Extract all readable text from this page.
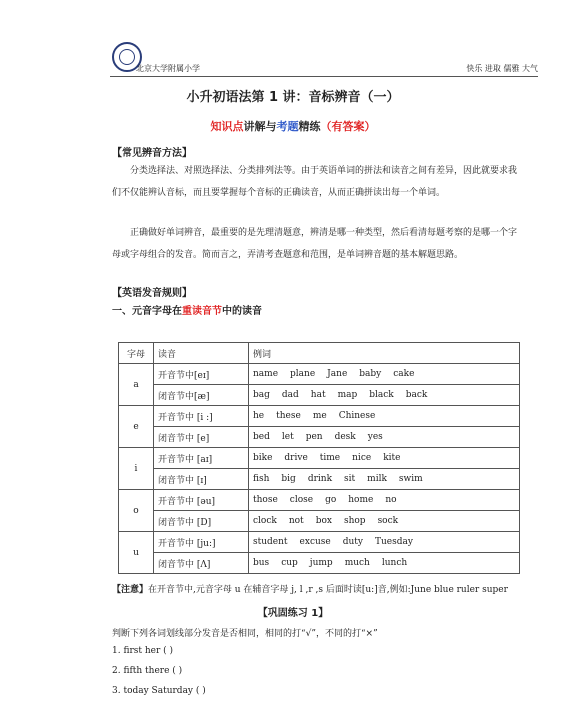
北京大学附属小学	快乐 进取 儒雅 大气
小升初语法第 1 讲：音标辨音（一）
知识点讲解与考题精练（有答案）
【常见辨音方法】
分类选择法、对照选择法、分类排列法等。由于英语单词的拼法和读音之间有差异，因此就要求我们不仅能辨认音标，而且要掌握每个音标的正确读音，从而正确拼读出每一个单词。
正确做好单词辨音，最重要的是先理清题意，辨清是哪一种类型，然后看清每题考察的是哪一个字母或字母组合的发音。简而言之，弄清考查题意和范围，是单词辨音题的基本解题思路。
【英语发音规则】
一、元音字母在重读音节中的读音
字母	读音	例词
a	开音节中[eɪ]	name plane Jane baby cake
	闭音节中[æ]	bag dad hat map black back
e	开音节中 [i :]	he these me Chinese
	闭音节中 [e]	bed let pen desk yes
i	开音节中 [aɪ]	bike drive time nice kite
	闭音节中 [ɪ]	fish big drink sit milk swim
o	开音节中 [əu]	those close go home no
	闭音节中 [D]	clock not box shop sock
u	开音节中 [ju:]	student excuse duty Tuesday
	闭音节中 [Λ]	bus cup jump much lunch
【注意】在开音节中,元音字母 u 在辅音字母 j, l ,r ,s 后面时读[u:]音,例如:June blue ruler super
【巩固练习 1】
判断下列各词划线部分发音是否相同，相同的打“√”，不同的打“×”
1. first her ( )
2. fifth there ( )
3. today Saturday ( )
